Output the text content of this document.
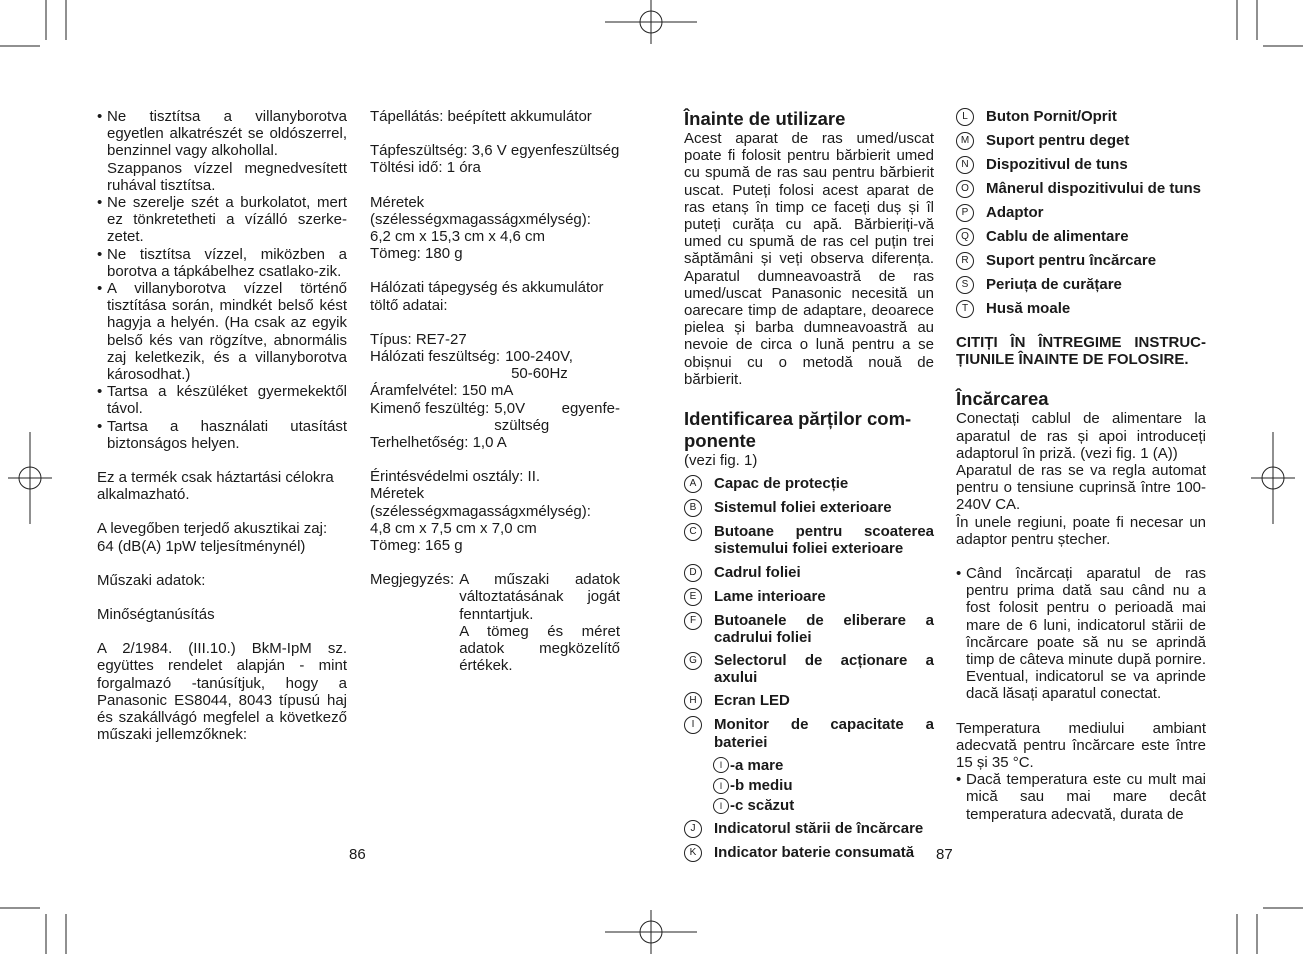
• Ne tisztítsa a villanyborotva egyetlen alkatrészét se oldószerrel, benzinnel vagy alkohollal.
Szappanos vízzel megnedvesített ruhával tisztítsa.
• Ne szerelje szét a burkolatot, mert ez tönkretetheti a vízálló szerke-zetet.
• Ne tisztítsa vízzel, miközben a borotva a tápkábelhez csatlako-zik.
• A villanyborotva vízzel történő tisztítása során, mindkét belső kést hagyja a helyén. (Ha csak az egyik belső kés van rögzítve, abnormális zaj keletkezik, és a villanyborotva károsodhat.)
• Tartsa a készüléket gyermekektől távol.
• Tartsa a használati utasítást biztonságos helyen.
Ez a termék csak háztartási célokra alkalmazható.
A levegőben terjedő akusztikai zaj: 64 (dB(A) 1pW teljesítménynél)
Műszaki adatok:
Minőségtanúsítás
A 2/1984. (III.10.) BkM-IpM sz. együttes rendelet alapján - mint forgalmazó -tanúsítjuk, hogy a Panasonic ES8044, 8043 típusú haj és szakállvágó megfelel a következő műszaki jellemzőknek:
Tápellátás: beépített akkumulátor
Tápfeszültség: 3,6 V egyenfeszültség
Töltési idő: 1 óra
Méretek
(szélességxmagasságxmélység):
6,2 cm x 15,3 cm x 4,6 cm
Tömeg: 180 g
Hálózati tápegység és akkumulátor töltő adatai:
Típus: RE7-27
Hálózati feszültség: 100-240V,
50-60Hz
Áramfelvétel: 150 mA
Kimenő feszültég: 5,0V egyenfe-szültség
Terhelhetőség: 1,0 A
Érintésvédelmi osztály: II.
Méretek
(szélességxmagasságxmélység):
4,8 cm x 7,5 cm x 7,0 cm
Tömeg: 165 g
Megjegyzés: A műszaki adatok változtatásának jogát fenntartjuk.
A tömeg és méret adatok megközelítő értékek.
Înainte de utilizare
Acest aparat de ras umed/uscat poate fi folosit pentru bărbierit umed cu spumă de ras sau pentru bărbierit uscat. Puteți folosi acest aparat de ras etanș în timp ce faceți duș și îl puteți curăța cu apă. Bărbieriți-vă umed cu spumă de ras cel puțin trei săptămâni și veți observa diferența. Aparatul dumneavoastră de ras umed/uscat Panasonic necesită un oarecare timp de adaptare, deoarece pielea și barba dumneavoastră au nevoie de circa o lună pentru a se obișnui cu o metodă nouă de bărbierit.
Identificarea părților com-ponente
(vezi fig. 1)
A	Capac de protecție
B	Sistemul foliei exterioare
C	Butoane pentru scoaterea sistemului foliei exterioare
D	Cadrul foliei
E	Lame interioare
F	Butoanele de eliberare a cadrului foliei
G	Selectorul de acționare a axului
H	Ecran LED
I	Monitor de capacitate a bateriei
I -a mare
I -b mediu
I -c scăzut
J	Indicatorul stării de încărcare
K	Indicator baterie consumată
L	Buton Pornit/Oprit
M	Suport pentru deget
N	Dispozitivul de tuns
O	Mânerul dispozitivului de tuns
P	Adaptor
Q	Cablu de alimentare
R	Suport pentru încărcare
S	Periuța de curățare
T	Husă moale
CITIȚI ÎN ÎNTREGIME INSTRUC-ȚIUNILE ÎNAINTE DE FOLOSIRE.
Încărcarea
Conectați cablul de alimentare la aparatul de ras și apoi introduceți adaptorul în priză. (vezi fig. 1 (A))
Aparatul de ras se va regla automat pentru o tensiune cuprinsă între 100-240V CA.
În unele regiuni, poate fi necesar un adaptor pentru ștecher.
• Când încărcați aparatul de ras pentru prima dată sau când nu a fost folosit pentru o perioadă mai mare de 6 luni, indicatorul stării de încărcare poate să nu se aprindă timp de câteva minute după pornire. Eventual, indicatorul se va aprinde dacă lăsați aparatul conectat.
Temperatura mediului ambiant adecvată pentru încărcare este între 15 și 35 °C.
• Dacă temperatura este cu mult mai mică sau mai mare decât temperatura adecvată, durata de
86	87
